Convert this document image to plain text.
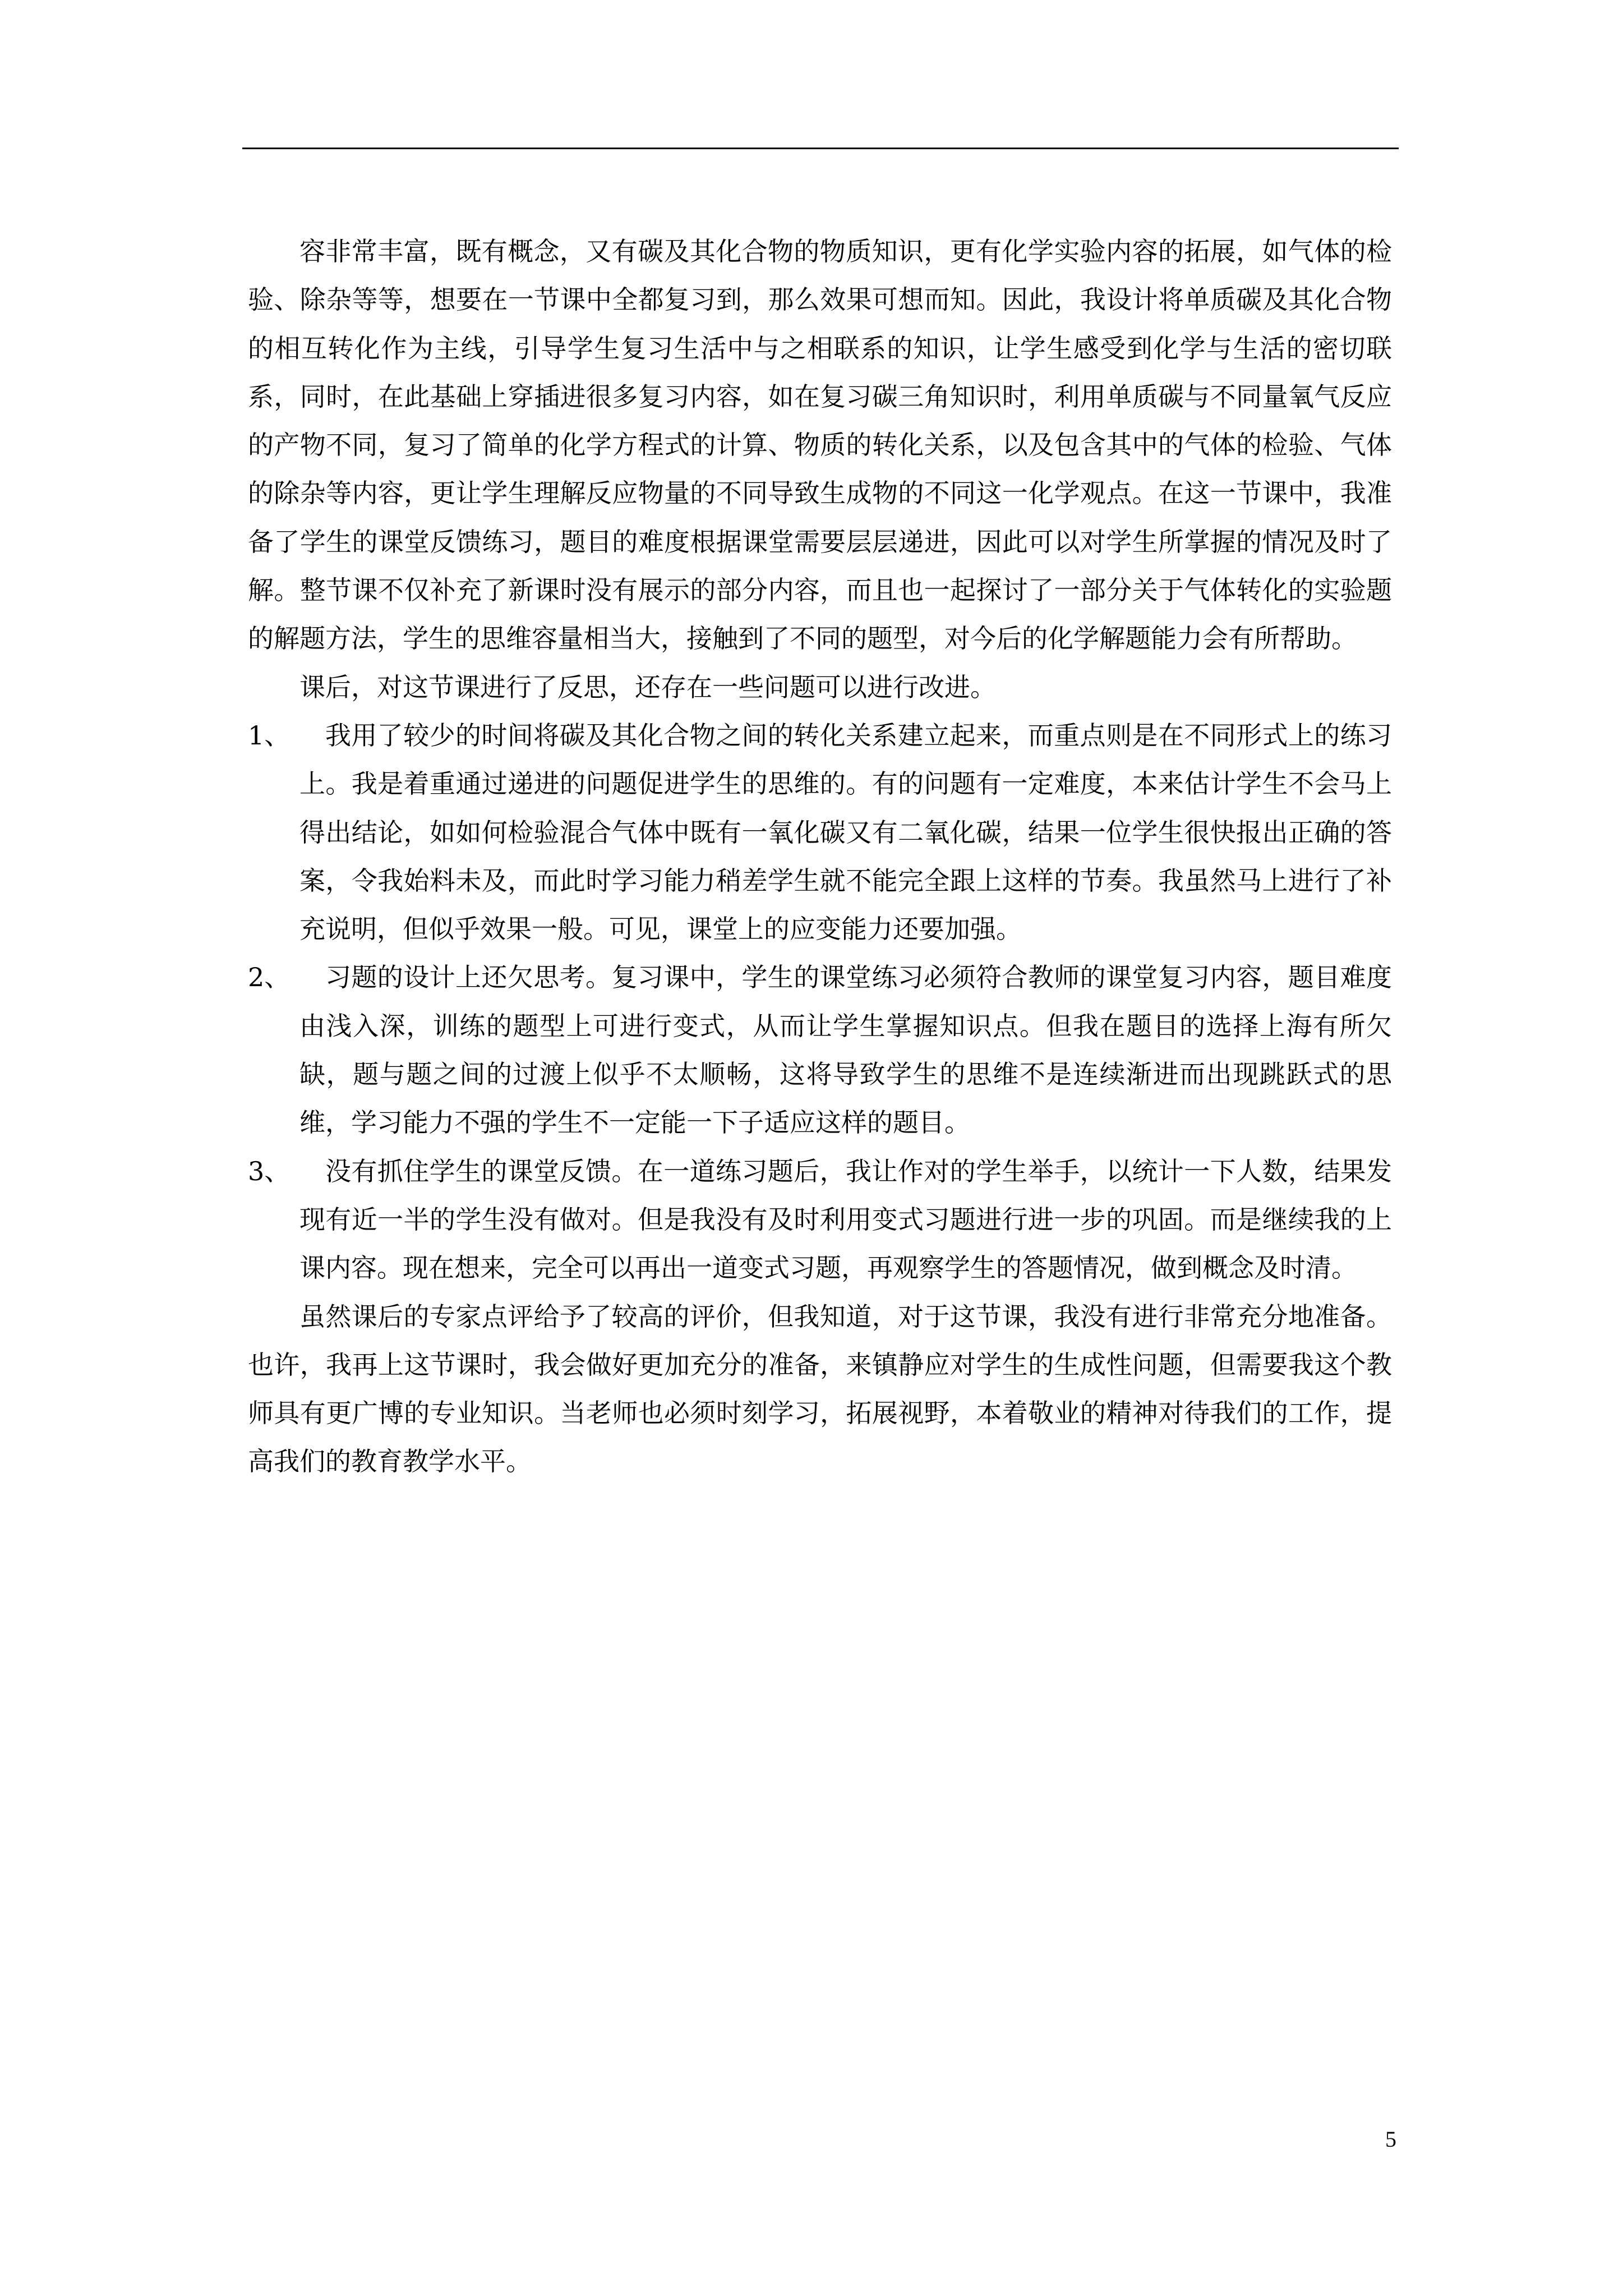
容非常丰富，既有概念，又有碳及其化合物的物质知识，更有化学实验内容的拓展，如气体的检验、除杂等等，想要在一节课中全都复习到，那么效果可想而知。因此，我设计将单质碳及其化合物的相互转化作为主线，引导学生复习生活中与之相联系的知识，让学生感受到化学与生活的密切联系，同时，在此基础上穿插进很多复习内容，如在复习碳三角知识时，利用单质碳与不同量氧气反应的产物不同，复习了简单的化学方程式的计算、物质的转化关系，以及包含其中的气体的检验、气体的除杂等内容，更让学生理解反应物量的不同导致生成物的不同这一化学观点。在这一节课中，我准备了学生的课堂反馈练习，题目的难度根据课堂需要层层递进，因此可以对学生所掌握的情况及时了解。整节课不仅补充了新课时没有展示的部分内容，而且也一起探讨了一部分关于气体转化的实验题的解题方法，学生的思维容量相当大，接触到了不同的题型，对今后的化学解题能力会有所帮助。

课后，对这节课进行了反思，还存在一些问题可以进行改进。

1、	我用了较少的时间将碳及其化合物之间的转化关系建立起来，而重点则是在不同形式上的练习上。我是着重通过递进的问题促进学生的思维的。有的问题有一定难度，本来估计学生不会马上得出结论，如如何检验混合气体中既有一氧化碳又有二氧化碳，结果一位学生很快报出正确的答案，令我始料未及，而此时学习能力稍差学生就不能完全跟上这样的节奏。我虽然马上进行了补充说明，但似乎效果一般。可见，课堂上的应变能力还要加强。
2、	习题的设计上还欠思考。复习课中，学生的课堂练习必须符合教师的课堂复习内容，题目难度由浅入深，训练的题型上可进行变式，从而让学生掌握知识点。但我在题目的选择上海有所欠缺，题与题之间的过渡上似乎不太顺畅，这将导致学生的思维不是连续渐进而出现跳跃式的思维，学习能力不强的学生不一定能一下子适应这样的题目。
3、	没有抓住学生的课堂反馈。在一道练习题后，我让作对的学生举手，以统计一下人数，结果发现有近一半的学生没有做对。但是我没有及时利用变式习题进行进一步的巩固。而是继续我的上课内容。现在想来，完全可以再出一道变式习题，再观察学生的答题情况，做到概念及时清。

虽然课后的专家点评给予了较高的评价，但我知道，对于这节课，我没有进行非常充分地准备。也许，我再上这节课时，我会做好更加充分的准备，来镇静应对学生的生成性问题，但需要我这个教师具有更广博的专业知识。当老师也必须时刻学习，拓展视野，本着敬业的精神对待我们的工作，提高我们的教育教学水平。

5
